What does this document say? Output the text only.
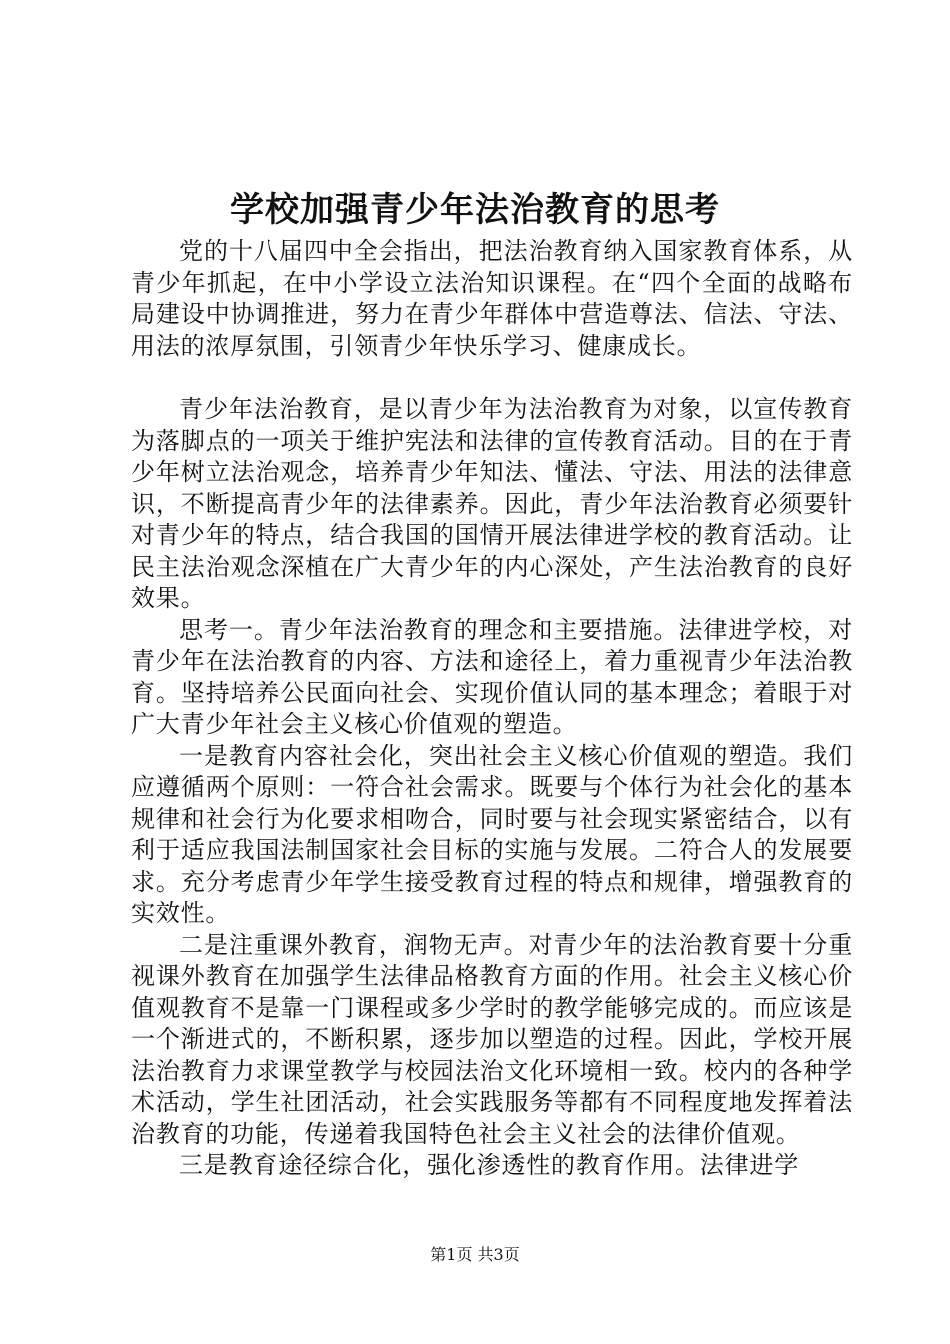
学校加强青少年法治教育的思考

党的十八届四中全会指出，把法治教育纳入国家教育体系，从青少年抓起，在中小学设立法治知识课程。在“四个全面的战略布局建设中协调推进，努力在青少年群体中营造尊法、信法、守法、用法的浓厚氛围，引领青少年快乐学习、健康成长。

青少年法治教育，是以青少年为法治教育为对象，以宣传教育为落脚点的一项关于维护宪法和法律的宣传教育活动。目的在于青少年树立法治观念，培养青少年知法、懂法、守法、用法的法律意识，不断提高青少年的法律素养。因此，青少年法治教育必须要针对青少年的特点，结合我国的国情开展法律进学校的教育活动。让民主法治观念深植在广大青少年的内心深处，产生法治教育的良好效果。

思考一。青少年法治教育的理念和主要措施。法律进学校，对青少年在法治教育的内容、方法和途径上，着力重视青少年法治教育。坚持培养公民面向社会、实现价值认同的基本理念；着眼于对广大青少年社会主义核心价值观的塑造。

一是教育内容社会化，突出社会主义核心价值观的塑造。我们应遵循两个原则：一符合社会需求。既要与个体行为社会化的基本规律和社会行为化要求相吻合，同时要与社会现实紧密结合，以有利于适应我国法制国家社会目标的实施与发展。二符合人的发展要求。充分考虑青少年学生接受教育过程的特点和规律，增强教育的实效性。

二是注重课外教育，润物无声。对青少年的法治教育要十分重视课外教育在加强学生法律品格教育方面的作用。社会主义核心价值观教育不是靠一门课程或多少学时的教学能够完成的。而应该是一个渐进式的，不断积累，逐步加以塑造的过程。因此，学校开展法治教育力求课堂教学与校园法治文化环境相一致。校内的各种学术活动，学生社团活动，社会实践服务等都有不同程度地发挥着法治教育的功能，传递着我国特色社会主义社会的法律价值观。

三是教育途径综合化，强化渗透性的教育作用。法律进学

第1页 共3页
